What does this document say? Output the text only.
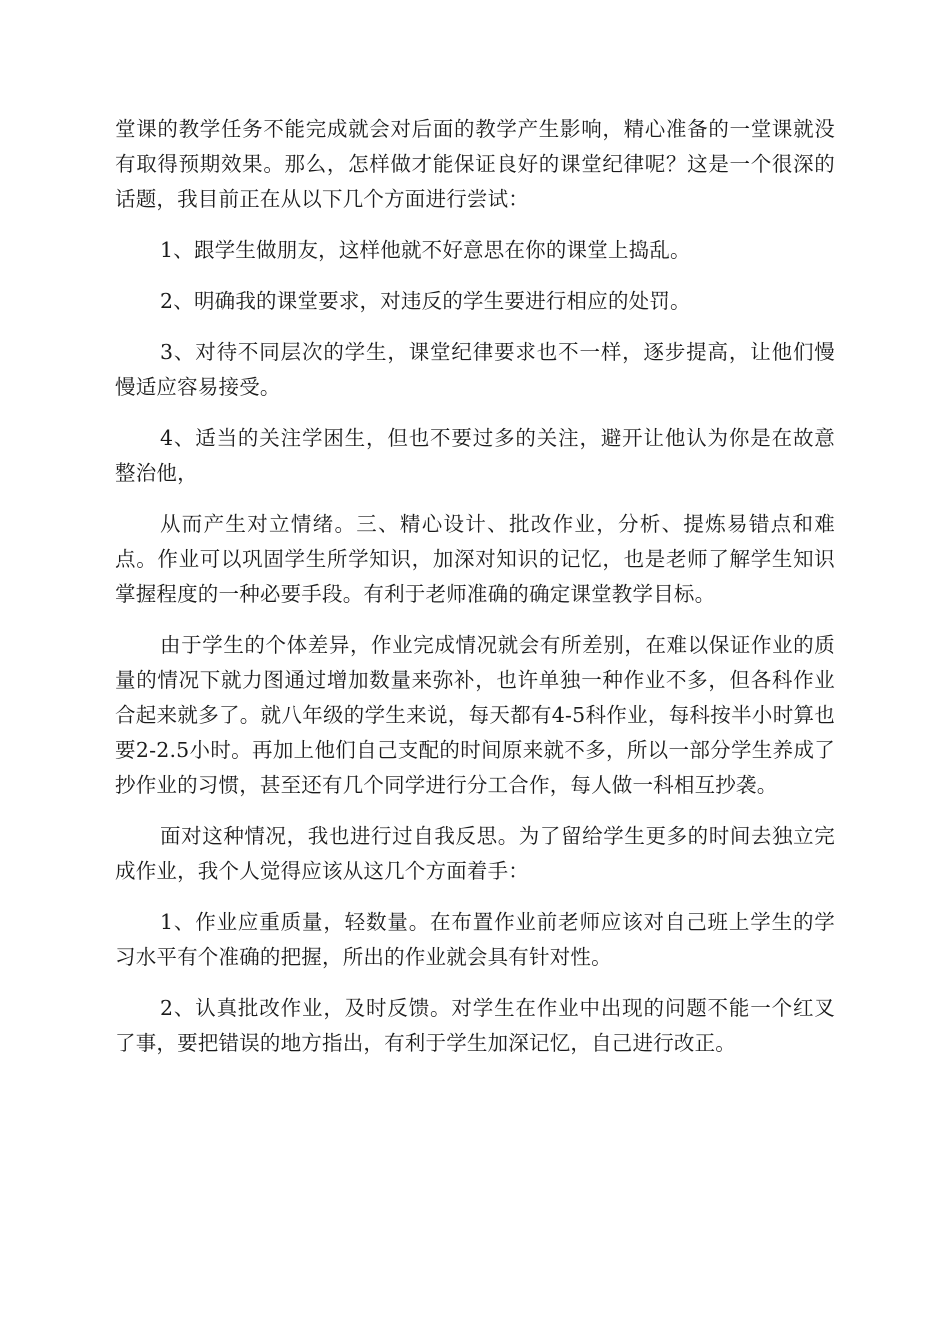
堂课的教学任务不能完成就会对后面的教学产生影响，精心准备的一堂课就没有取得预期效果。那么，怎样做才能保证良好的课堂纪律呢？这是一个很深的话题，我目前正在从以下几个方面进行尝试：

1、跟学生做朋友，这样他就不好意思在你的课堂上捣乱。

2、明确我的课堂要求，对违反的学生要进行相应的处罚。

3、对待不同层次的学生，课堂纪律要求也不一样，逐步提高，让他们慢慢适应容易接受。

4、适当的关注学困生，但也不要过多的关注，避开让他认为你是在故意整治他，

从而产生对立情绪。三、精心设计、批改作业，分析、提炼易错点和难点。作业可以巩固学生所学知识，加深对知识的记忆，也是老师了解学生知识掌握程度的一种必要手段。有利于老师准确的确定课堂教学目标。

由于学生的个体差异，作业完成情况就会有所差别，在难以保证作业的质量的情况下就力图通过增加数量来弥补，也许单独一种作业不多，但各科作业合起来就多了。就八年级的学生来说，每天都有4-5科作业，每科按半小时算也要2-2.5小时。再加上他们自己支配的时间原来就不多，所以一部分学生养成了抄作业的习惯，甚至还有几个同学进行分工合作，每人做一科相互抄袭。

面对这种情况，我也进行过自我反思。为了留给学生更多的时间去独立完成作业，我个人觉得应该从这几个方面着手：

1、作业应重质量，轻数量。在布置作业前老师应该对自己班上学生的学习水平有个准确的把握，所出的作业就会具有针对性。

2、认真批改作业，及时反馈。对学生在作业中出现的问题不能一个红叉了事，要把错误的地方指出，有利于学生加深记忆，自己进行改正。
